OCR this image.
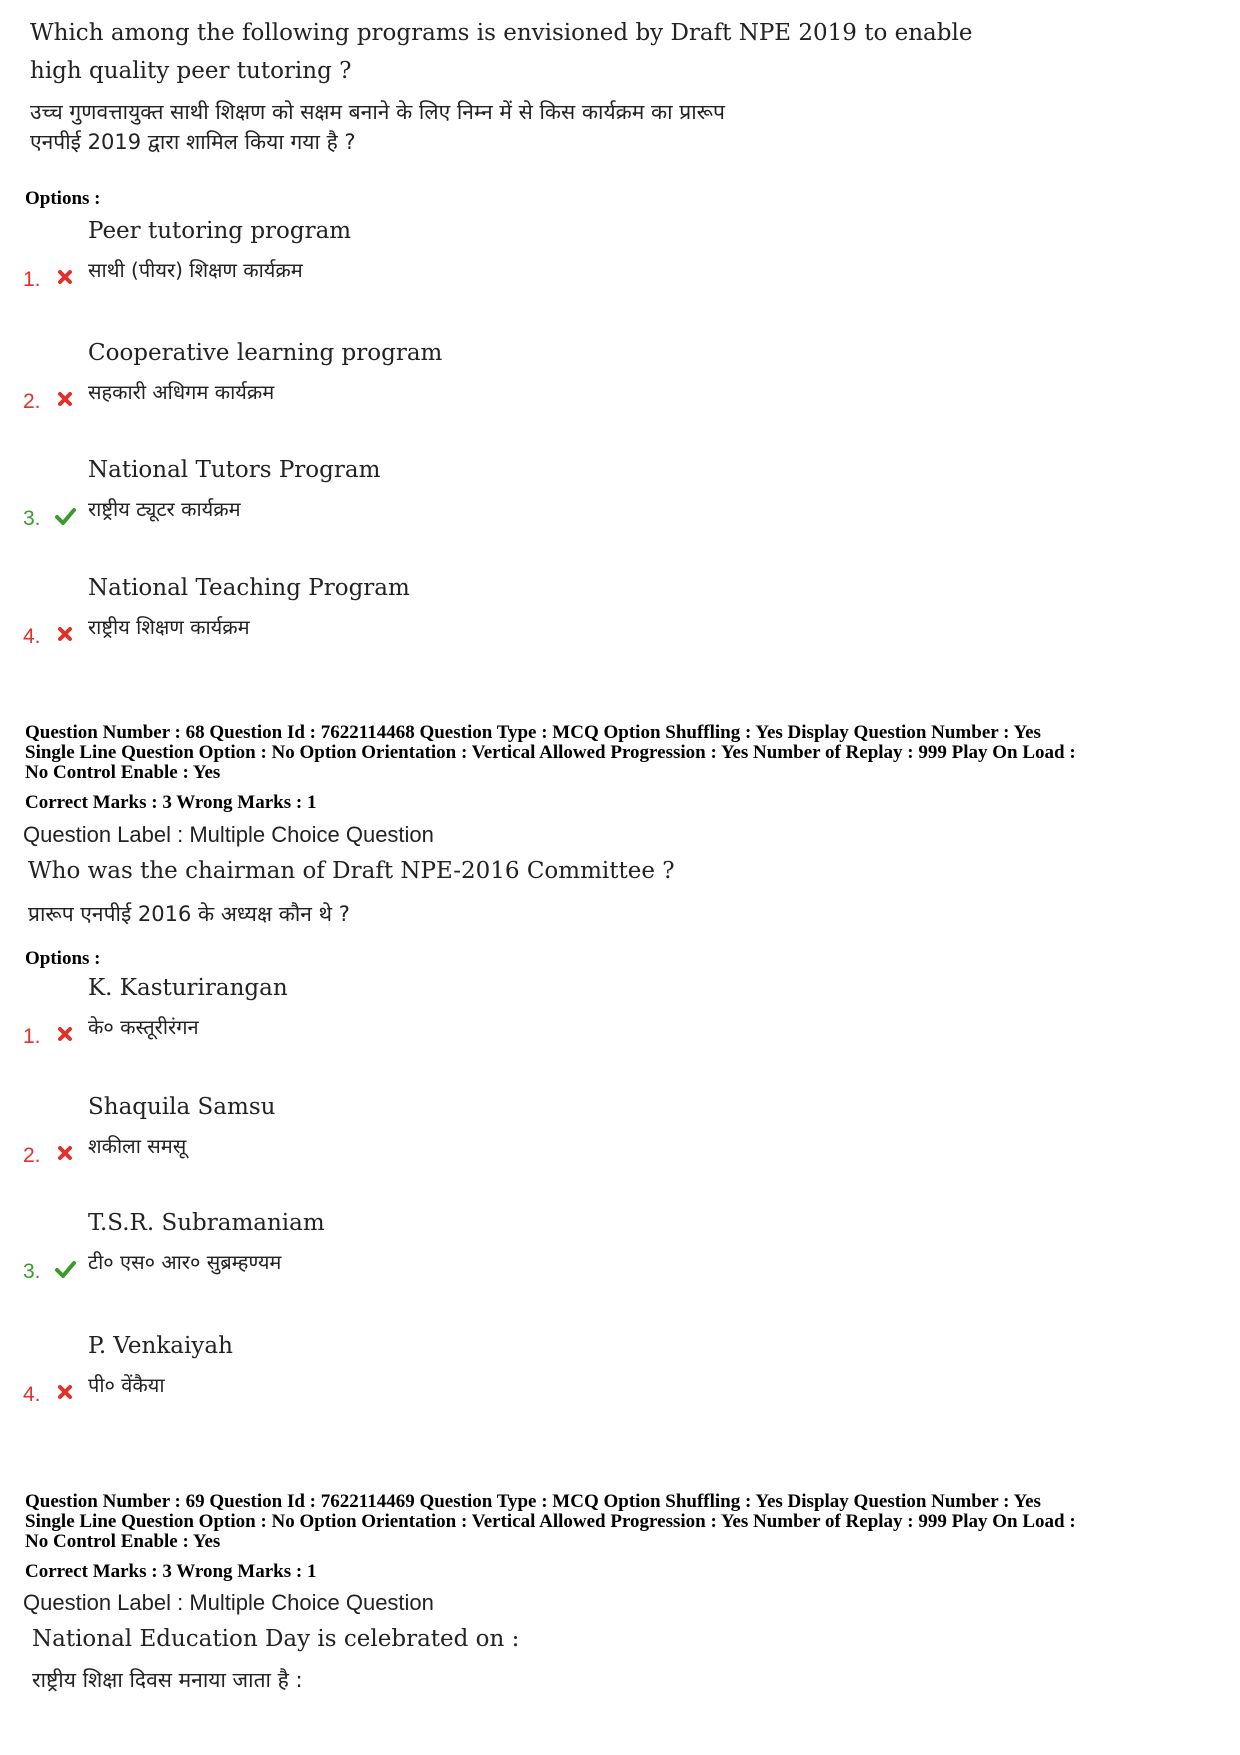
Which among the following programs is envisioned by Draft NPE 2019 to enable
high quality peer tutoring ?
उच्च गुणवत्तायुक्त साथी शिक्षण को सक्षम बनाने के लिए निम्न में से किस कार्यक्रम का प्रारूप
एनपीई 2019 द्वारा शामिल किया गया है ?
Options :
Peer tutoring program
साथी (पीयर) शिक्षण कार्यक्रम
1.
Cooperative learning program
सहकारी अधिगम कार्यक्रम
2.
National Tutors Program
राष्ट्रीय ट्यूटर कार्यक्रम
3.
National Teaching Program
राष्ट्रीय शिक्षण कार्यक्रम
4.
Question Number : 68 Question Id : 7622114468 Question Type : MCQ Option Shuffling : Yes Display Question Number : Yes
Single Line Question Option : No Option Orientation : Vertical Allowed Progression : Yes Number of Replay : 999 Play On Load :
No Control Enable : Yes
Correct Marks : 3 Wrong Marks : 1
Question Label : Multiple Choice Question
Who was the chairman of Draft NPE-2016 Committee ?
प्रारूप एनपीई 2016 के अध्यक्ष कौन थे ?
Options :
K. Kasturirangan
के० कस्तूरीरंगन
1.
Shaquila Samsu
शकीला समसू
2.
T.S.R. Subramaniam
टी० एस० आर० सुब्रम्हण्यम
3.
P. Venkaiyah
पी० वेंकैया
4.
Question Number : 69 Question Id : 7622114469 Question Type : MCQ Option Shuffling : Yes Display Question Number : Yes
Single Line Question Option : No Option Orientation : Vertical Allowed Progression : Yes Number of Replay : 999 Play On Load :
No Control Enable : Yes
Correct Marks : 3 Wrong Marks : 1
Question Label : Multiple Choice Question
National Education Day is celebrated on :
राष्ट्रीय शिक्षा दिवस मनाया जाता है :
